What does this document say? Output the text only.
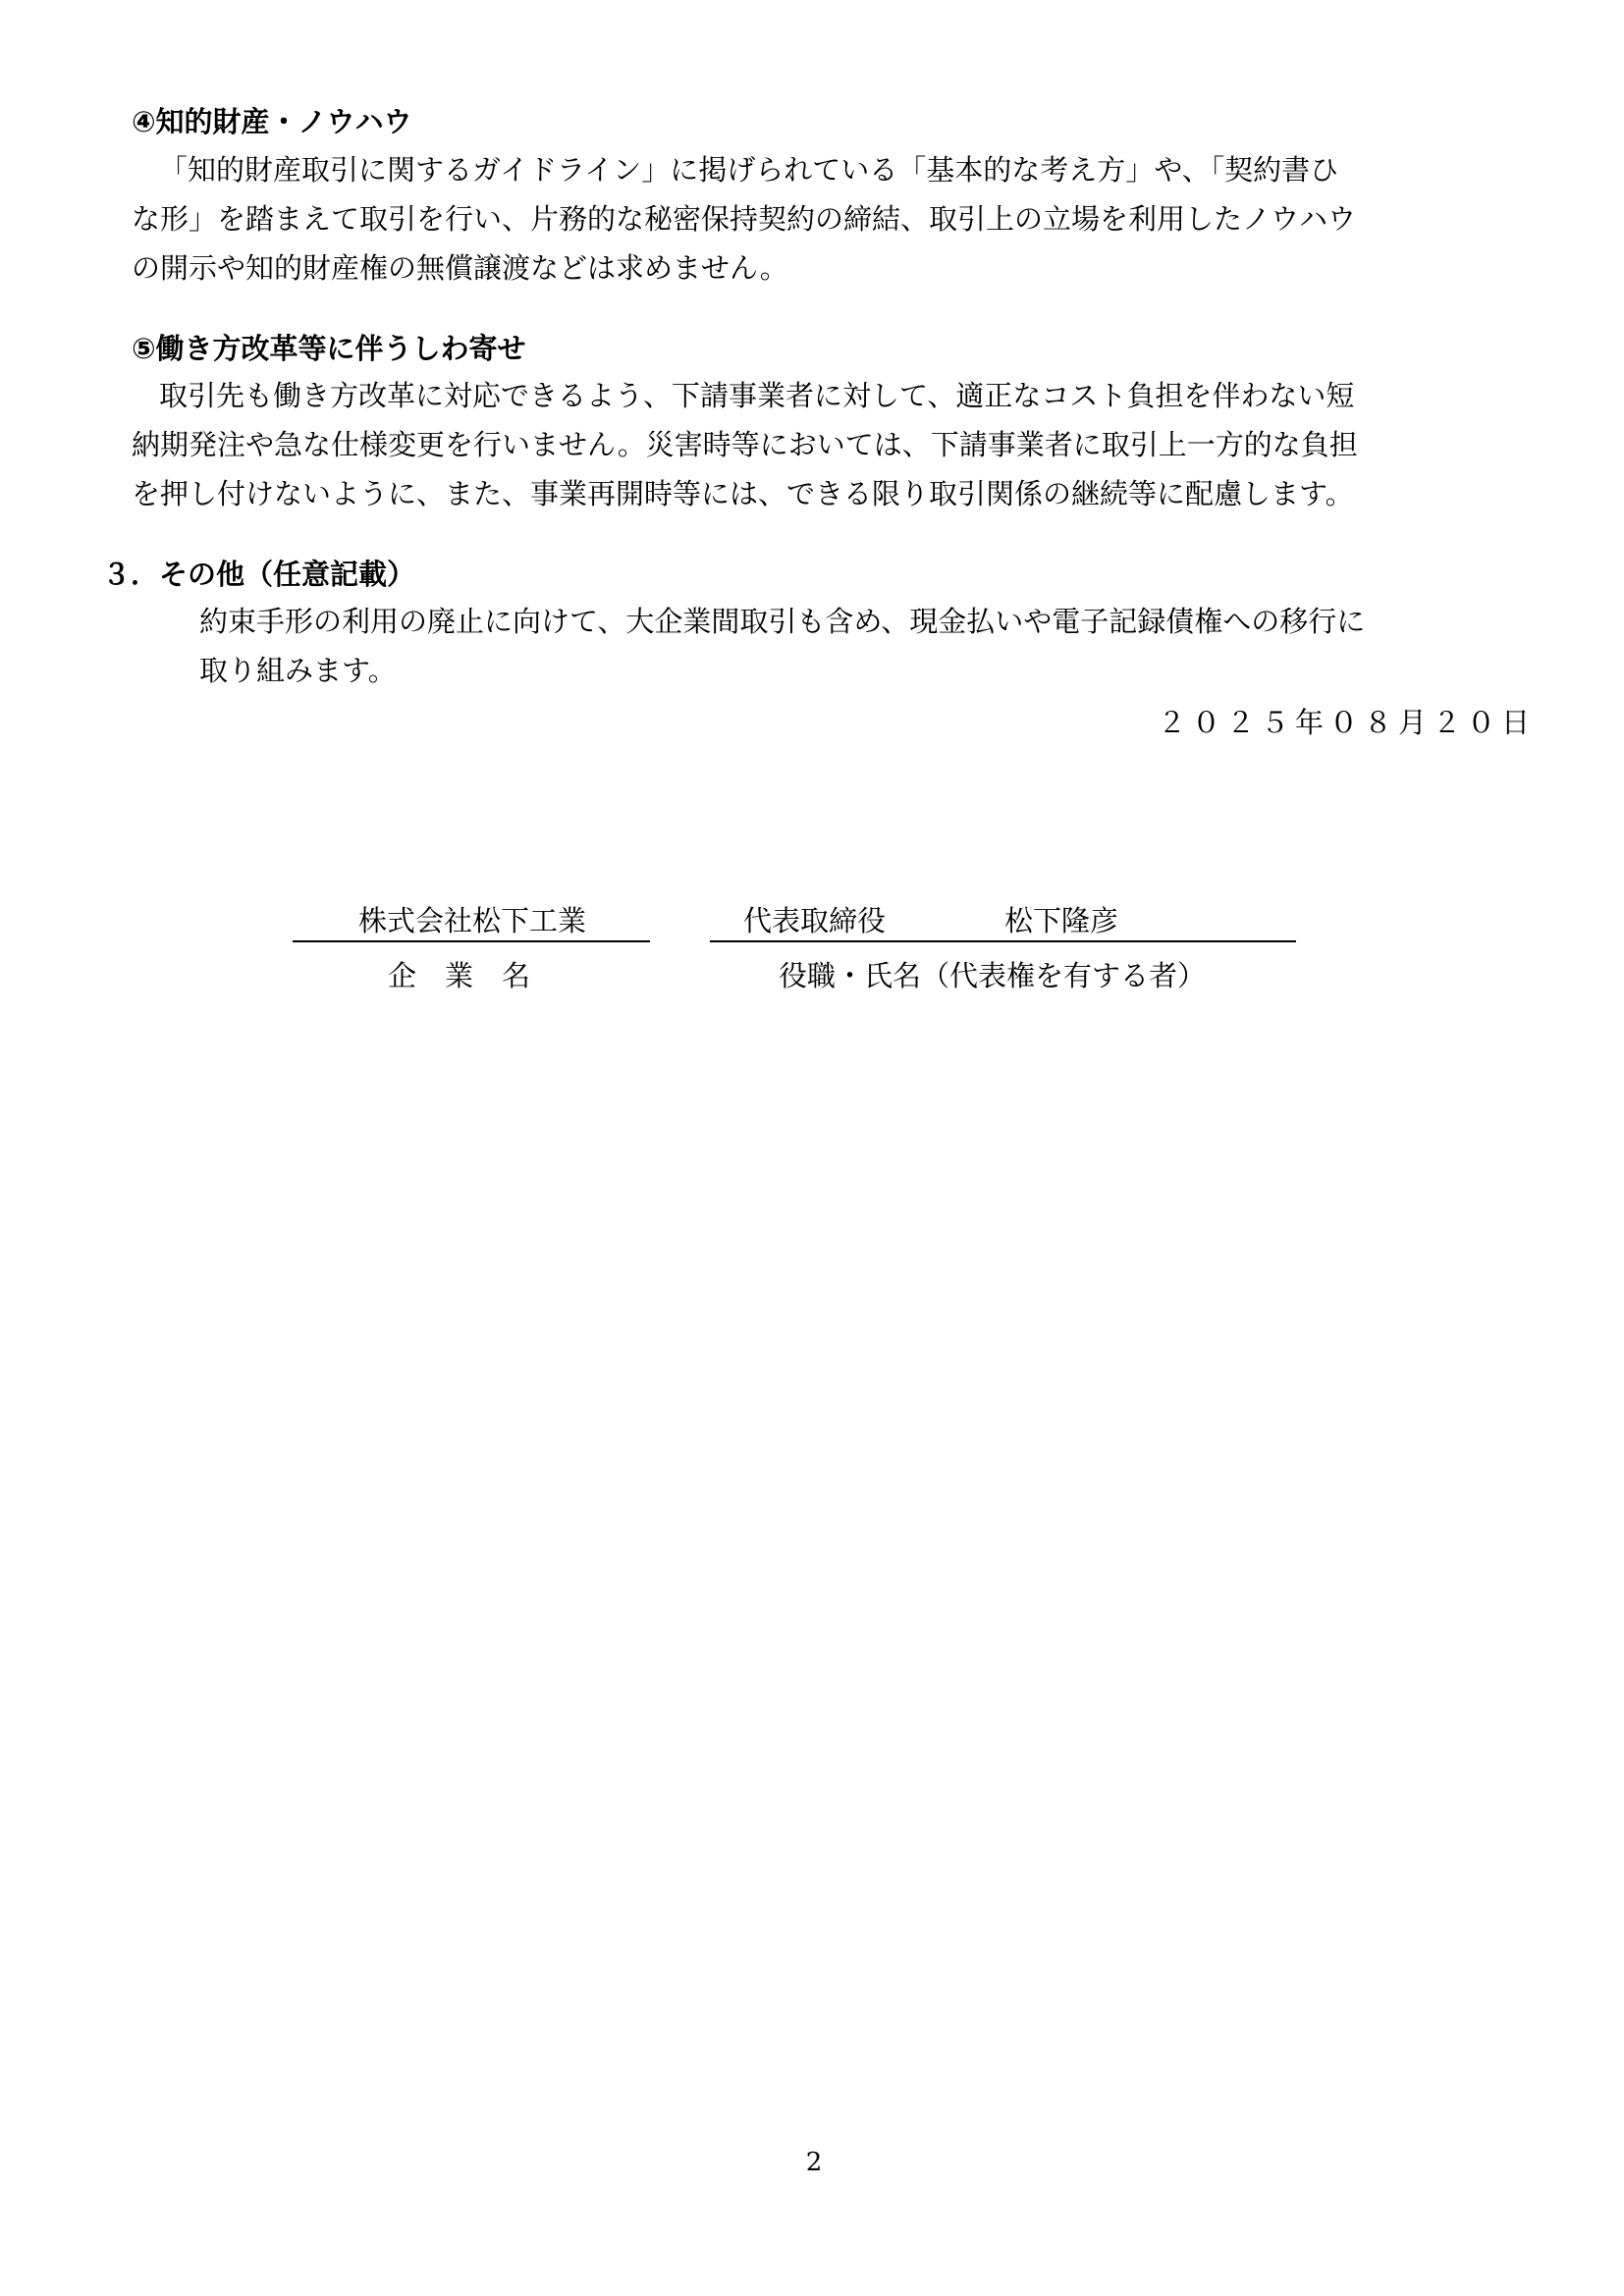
④知的財産・ノウハウ
「知的財産取引に関するガイドライン」に掲げられている「基本的な考え方」や、「契約書ひ
な形」を踏まえて取引を行い、片務的な秘密保持契約の締結、取引上の立場を利用したノウハウ
の開示や知的財産権の無償譲渡などは求めません。
⑤働き方改革等に伴うしわ寄せ
取引先も働き方改革に対応できるよう、下請事業者に対して、適正なコスト負担を伴わない短
納期発注や急な仕様変更を行いません。災害時等においては、下請事業者に取引上一方的な負担
を押し付けないように、また、事業再開時等には、できる限り取引関係の継続等に配慮します。
３．その他（任意記載）
約束手形の利用の廃止に向けて、大企業間取引も含め、現金払いや電子記録債権への移行に
取り組みます。
２０２５年０８月２０日
株式会社松下工業
企　業　名
代表取締役	松下隆彦
役職・氏名（代表権を有する者）
2
